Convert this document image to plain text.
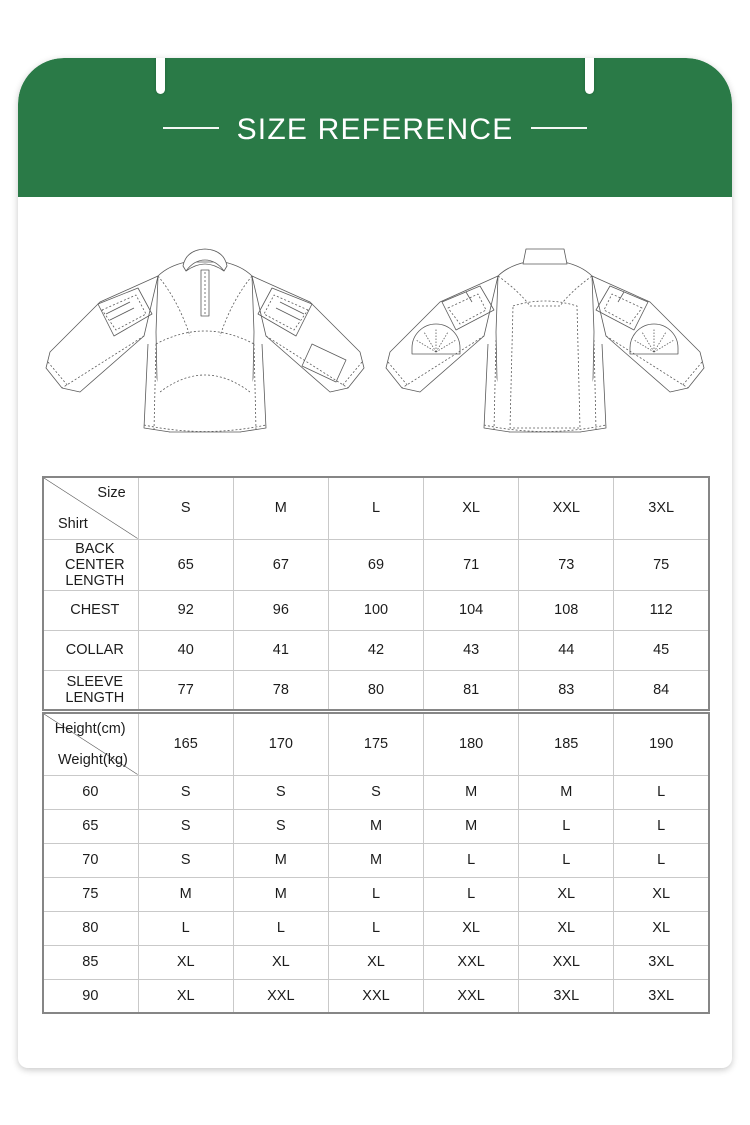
SIZE REFERENCE
Size
Shirt	S	M	L	XL	XXL	3XL
BACK CENTER LENGTH	65	67	69	71	73	75
CHEST	92	96	100	104	108	112
COLLAR	40	41	42	43	44	45
SLEEVE LENGTH	77	78	80	81	83	84
Height(cm)
Weight(kg)	165	170	175	180	185	190
60	S	S	S	M	M	L
65	S	S	M	M	L	L
70	S	M	M	L	L	L
75	M	M	L	L	XL	XL
80	L	L	L	XL	XL	XL
85	XL	XL	XL	XXL	XXL	3XL
90	XL	XXL	XXL	XXL	3XL	3XL
